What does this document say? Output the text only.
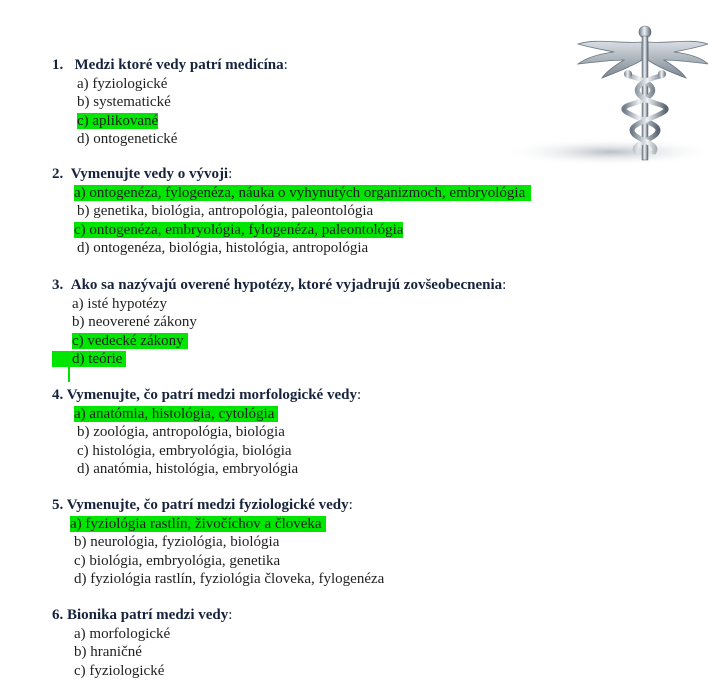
1. Medzi ktoré vedy patrí medicína:
a) fyziologické
b) systematické
c) aplikované
d) ontogenetické
2. Vymenujte vedy o vývoji:
a) ontogenéza, fylogenéza, náuka o vyhynutých organizmoch, embryológia
b) genetika, biológia, antropológia, paleontológia
c) ontogenéza, embryológia, fylogenéza, paleontológia
d) ontogenéza, biológia, histológia, antropológia
3. Ako sa nazývajú overené hypotézy, ktoré vyjadrujú zovšeobecnenia:
a) isté hypotézy
b) neoverené zákony
c) vedecké zákony
d) teórie
4. Vymenujte, čo patrí medzi morfologické vedy:
a) anatómia, histológia, cytológia
b) zoológia, antropológia, biológia
c) histológia, embryológia, biológia
d) anatómia, histológia, embryológia
5. Vymenujte, čo patrí medzi fyziologické vedy:
a) fyziológia rastlín, živočíchov a človeka
b) neurológia, fyziológia, biológia
c) biológia, embryológia, genetika
d) fyziológia rastlín, fyziológia človeka, fylogenéza
6. Bionika patrí medzi vedy:
a) morfologické
b) hraničné
c) fyziologické
